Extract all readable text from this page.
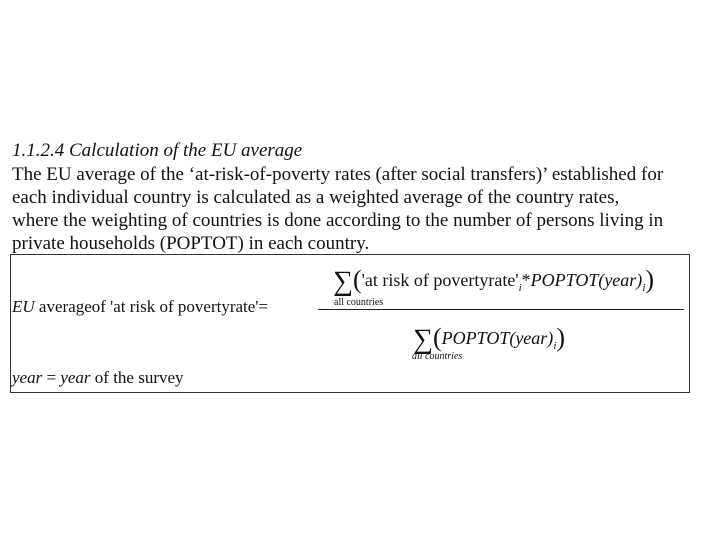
1.1.2.4 Calculation of the EU average
The EU average of the ‘at-risk-of-poverty rates (after social transfers)’ established for
each individual country is calculated as a weighted average of the country rates,
where the weighting of countries is done according to the number of persons living in
private households (POPTOT) in each country.
EU averageof 'at risk of povertyrate'=
∑('at risk of $povertyrate'_i*POPTOT(year)_i$)
all countries
$\sum(POPTOT(year)_i)$
all countries
year = year of the survey
